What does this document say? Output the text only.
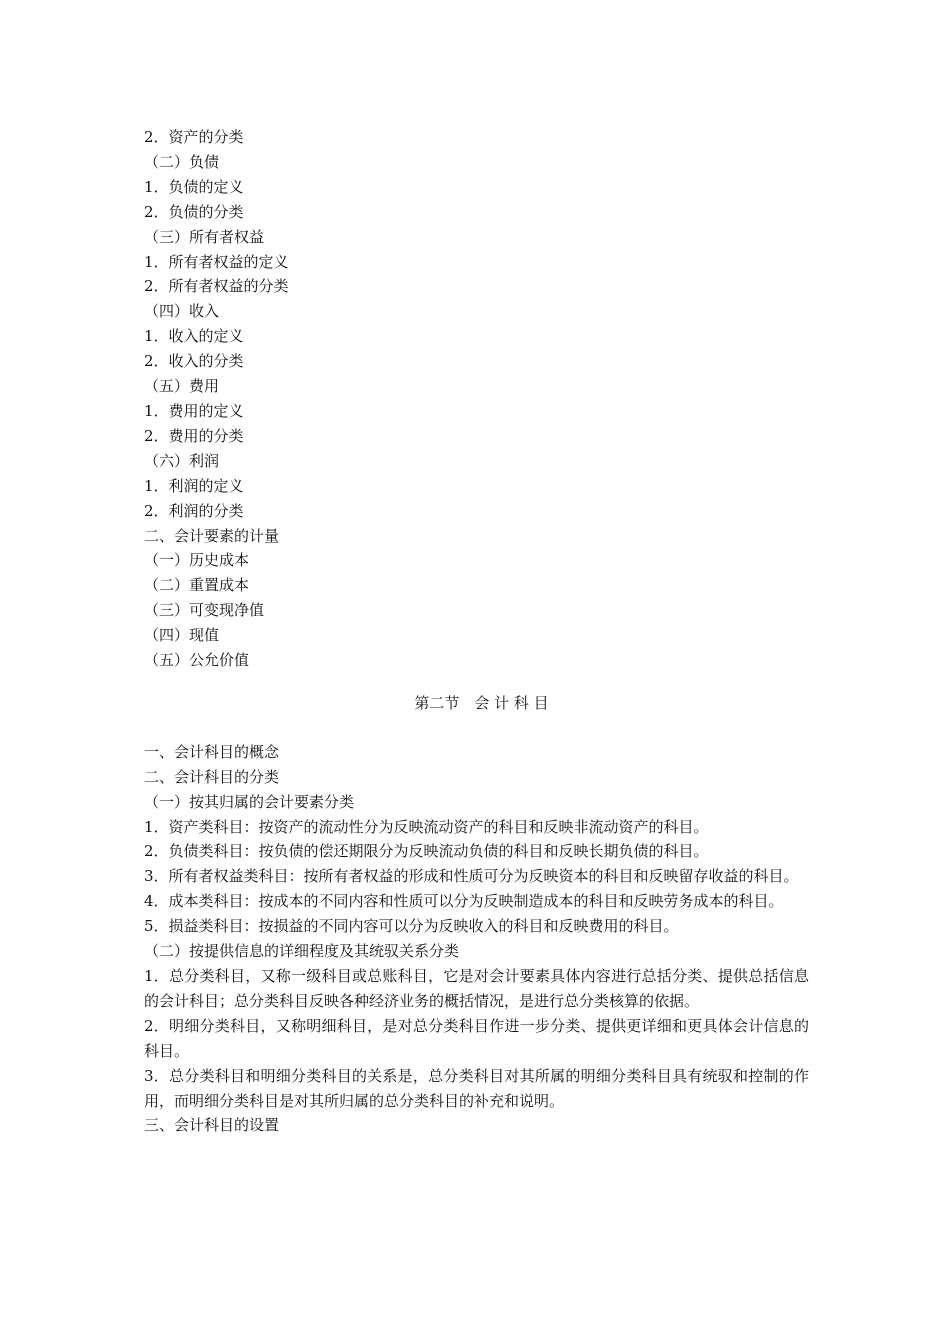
2．资产的分类

（二）负债

1．负债的定义

2．负债的分类

（三）所有者权益

1．所有者权益的定义

2．所有者权益的分类

（四）收入

1．收入的定义

2．收入的分类

（五）费用

1．费用的定义

2．费用的分类

（六）利润

1．利润的定义

2．利润的分类

二、会计要素的计量

（一）历史成本

（二）重置成本

（三）可变现净值

（四）现值

（五）公允价值

第二节　会 计 科 目

一、会计科目的概念

二、会计科目的分类

（一）按其归属的会计要素分类

1．资产类科目：按资产的流动性分为反映流动资产的科目和反映非流动资产的科目。

2．负债类科目：按负债的偿还期限分为反映流动负债的科目和反映长期负债的科目。

3．所有者权益类科目：按所有者权益的形成和性质可分为反映资本的科目和反映留存收益的科目。

4．成本类科目：按成本的不同内容和性质可以分为反映制造成本的科目和反映劳务成本的科目。

5．损益类科目：按损益的不同内容可以分为反映收入的科目和反映费用的科目。

（二）按提供信息的详细程度及其统驭关系分类

1．总分类科目，又称一级科目或总账科目，它是对会计要素具体内容进行总括分类、提供总括信息的会计科目；总分类科目反映各种经济业务的概括情况，是进行总分类核算的依据。

2．明细分类科目，又称明细科目，是对总分类科目作进一步分类、提供更详细和更具体会计信息的科目。

3．总分类科目和明细分类科目的关系是，总分类科目对其所属的明细分类科目具有统驭和控制的作用，而明细分类科目是对其所归属的总分类科目的补充和说明。

三、会计科目的设置
